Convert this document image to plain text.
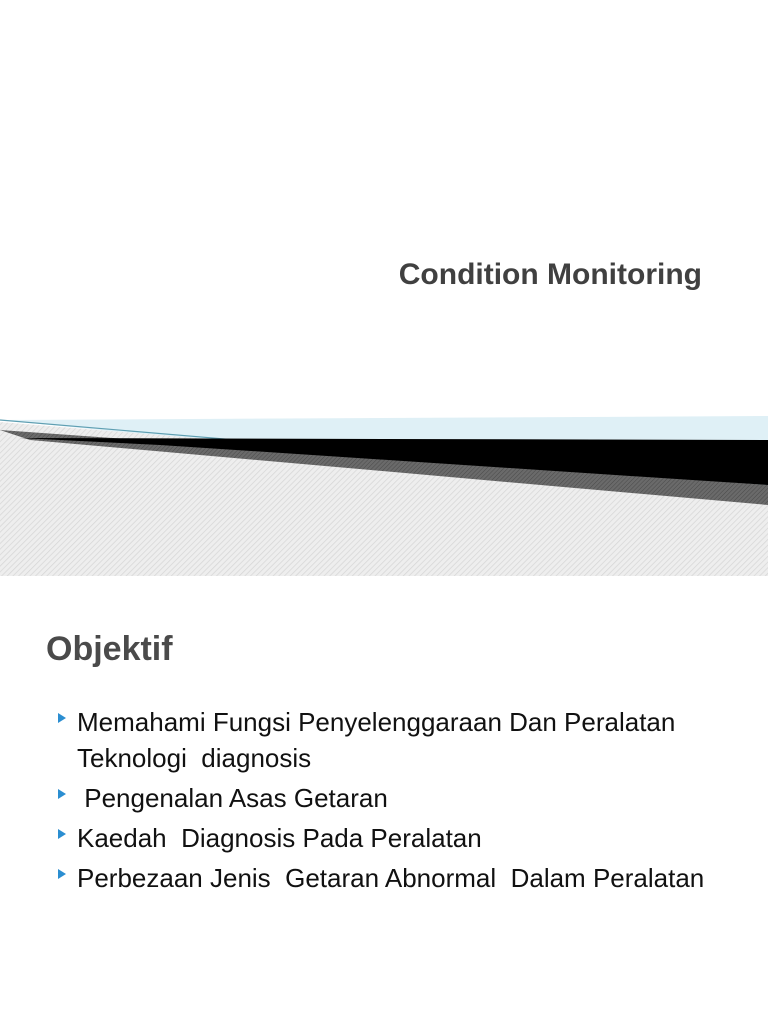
Condition Monitoring
Objektif
Memahami Fungsi Penyelenggaraan Dan Peralatan Teknologi  diagnosis
Pengenalan Asas Getaran
Kaedah  Diagnosis Pada Peralatan
Perbezaan Jenis  Getaran Abnormal  Dalam Peralatan
